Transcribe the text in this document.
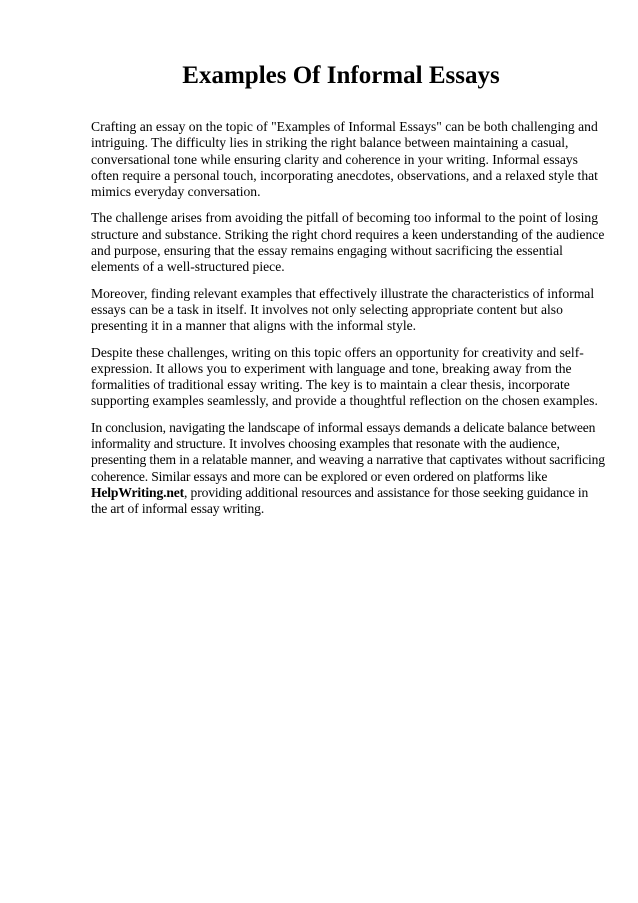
Examples Of Informal Essays

Crafting an essay on the topic of "Examples of Informal Essays" can be both challenging and intriguing. The difficulty lies in striking the right balance between maintaining a casual, conversational tone while ensuring clarity and coherence in your writing. Informal essays often require a personal touch, incorporating anecdotes, observations, and a relaxed style that mimics everyday conversation.

The challenge arises from avoiding the pitfall of becoming too informal to the point of losing structure and substance. Striking the right chord requires a keen understanding of the audience and purpose, ensuring that the essay remains engaging without sacrificing the essential elements of a well-structured piece.

Moreover, finding relevant examples that effectively illustrate the characteristics of informal essays can be a task in itself. It involves not only selecting appropriate content but also presenting it in a manner that aligns with the informal style.

Despite these challenges, writing on this topic offers an opportunity for creativity and self-expression. It allows you to experiment with language and tone, breaking away from the formalities of traditional essay writing. The key is to maintain a clear thesis, incorporate supporting examples seamlessly, and provide a thoughtful reflection on the chosen examples.

In conclusion, navigating the landscape of informal essays demands a delicate balance between informality and structure. It involves choosing examples that resonate with the audience, presenting them in a relatable manner, and weaving a narrative that captivates without sacrificing coherence. Similar essays and more can be explored or even ordered on platforms like HelpWriting.net, providing additional resources and assistance for those seeking guidance in the art of informal essay writing.
